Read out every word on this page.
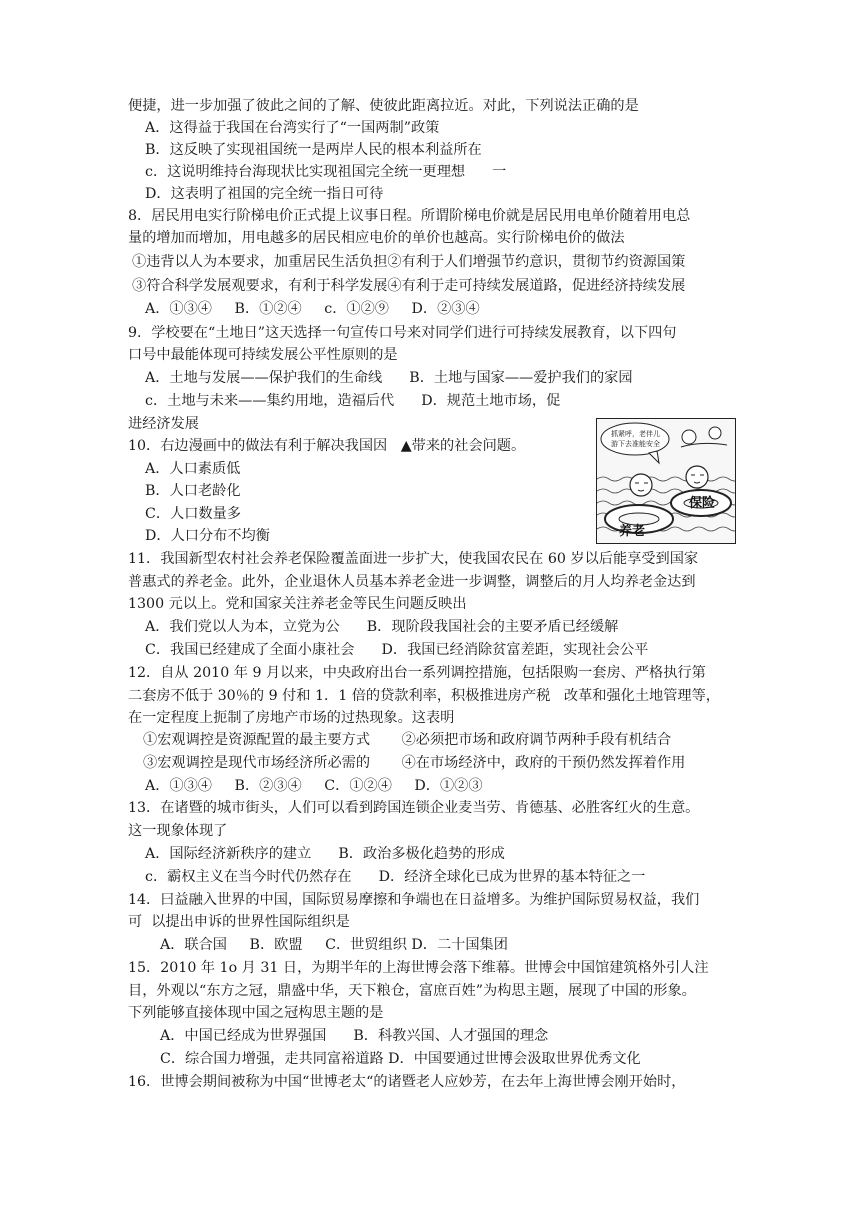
便捷，进一步加强了彼此之间的了解、使彼此距离拉近。对此，下列说法正确的是
A．这得益于我国在台湾实行了“一国两制”政策
B．这反映了实现祖国统一是两岸人民的根本利益所在
c．这说明维持台海现状比实现祖国完全统一更理想      一
D．这表明了祖国的完全统一指日可待
8．居民用电实行阶梯电价正式提上议事日程。所谓阶梯电价就是居民用电单价随着用电总
量的增加而增加，用电越多的居民相应电价的单价也越高。实行阶梯电价的做法
①违背以人为本要求，加重居民生活负担②有利于人们增强节约意识，贯彻节约资源国策
③符合科学发展观要求，有利于科学发展④有利于走可持续发展道路，促进经济持续发展
A．①③④     B．①②④     c．①②⑨     D．②③④
9．学校要在“土地日”这天选择一句宣传口号来对同学们进行可持续发展教育，以下四句
口号中最能体现可持续发展公平性原则的是
A．土地与发展——保护我们的生命线      B．土地与国家——爱护我们的家园
c．土地与未来——集约用地，造福后代      D．规范土地市场，促
进经济发展
10．右边漫画中的做法有利于解决我国因   ▲带来的社会问题。
A．人口素质低
B．人口老龄化
C．人口数量多
D．人口分布不均衡
11．我国新型农村社会养老保险覆盖面进一步扩大，使我国农民在 60 岁以后能享受到国家
普惠式的养老金。此外，企业退休人员基本养老金进一步调整，调整后的月人均养老金达到
1300 元以上。党和国家关注养老金等民生问题反映出
A．我们党以人为本，立党为公      B．现阶段我国社会的主要矛盾已经缓解
C．我国已经建成了全面小康社会      D．我国已经消除贫富差距，实现社会公平
12．自从 2010 年 9 月以来，中央政府出台一系列调控措施，包括限购一套房、严格执行第
二套房不低于 30％的 9 付和 1．1 倍的贷款利率，积极推进房产税   改革和强化土地管理等，
在一定程度上扼制了房地产市场的过热现象。这表明
①宏观调控是资源配置的最主要方式       ②必须把市场和政府调节两种手段有机结合
③宏观调控是现代市场经济所必需的       ④在市场经济中，政府的干预仍然发挥着作用
A．①③④     B．②③④     C．①②④     D．①②③
13．在诸暨的城市街头，人们可以看到跨国连锁企业麦当劳、肯德基、必胜客红火的生意。
这一现象体现了
A．国际经济新秩序的建立      B．政治多极化趋势的形成
c．霸权主义在当今时代仍然存在      D．经济全球化已成为世界的基本特征之一
14．曰益融入世界的中国，国际贸易摩擦和争端也在日益增多。为维护国际贸易权益，我们
可  以提出申诉的世界性国际组织是
A．联合国     B．欧盟     C．世贸组织 D．二十国集团
15．2010 年 1o 月 31 日，为期半年的上海世博会落下维幕。世博会中国馆建筑格外引人注
目，外观以“东方之冠，鼎盛中华，天下粮仓，富庶百姓”为构思主题，展现了中国的形象。
下列能够直接体现中国之冠构思主题的是
A．中国已经成为世界强国      B．科教兴国、人才强国的理念
C．综合国力增强，走共同富裕道路 D．中国要通过世博会汲取世界优秀文化
16．世博会期间被称为中国“世博老太“的诸暨老人应妙芳，在去年上海世博会刚开始时，
抓紧呼，老伴儿
游下去准能安全
养老
保险
